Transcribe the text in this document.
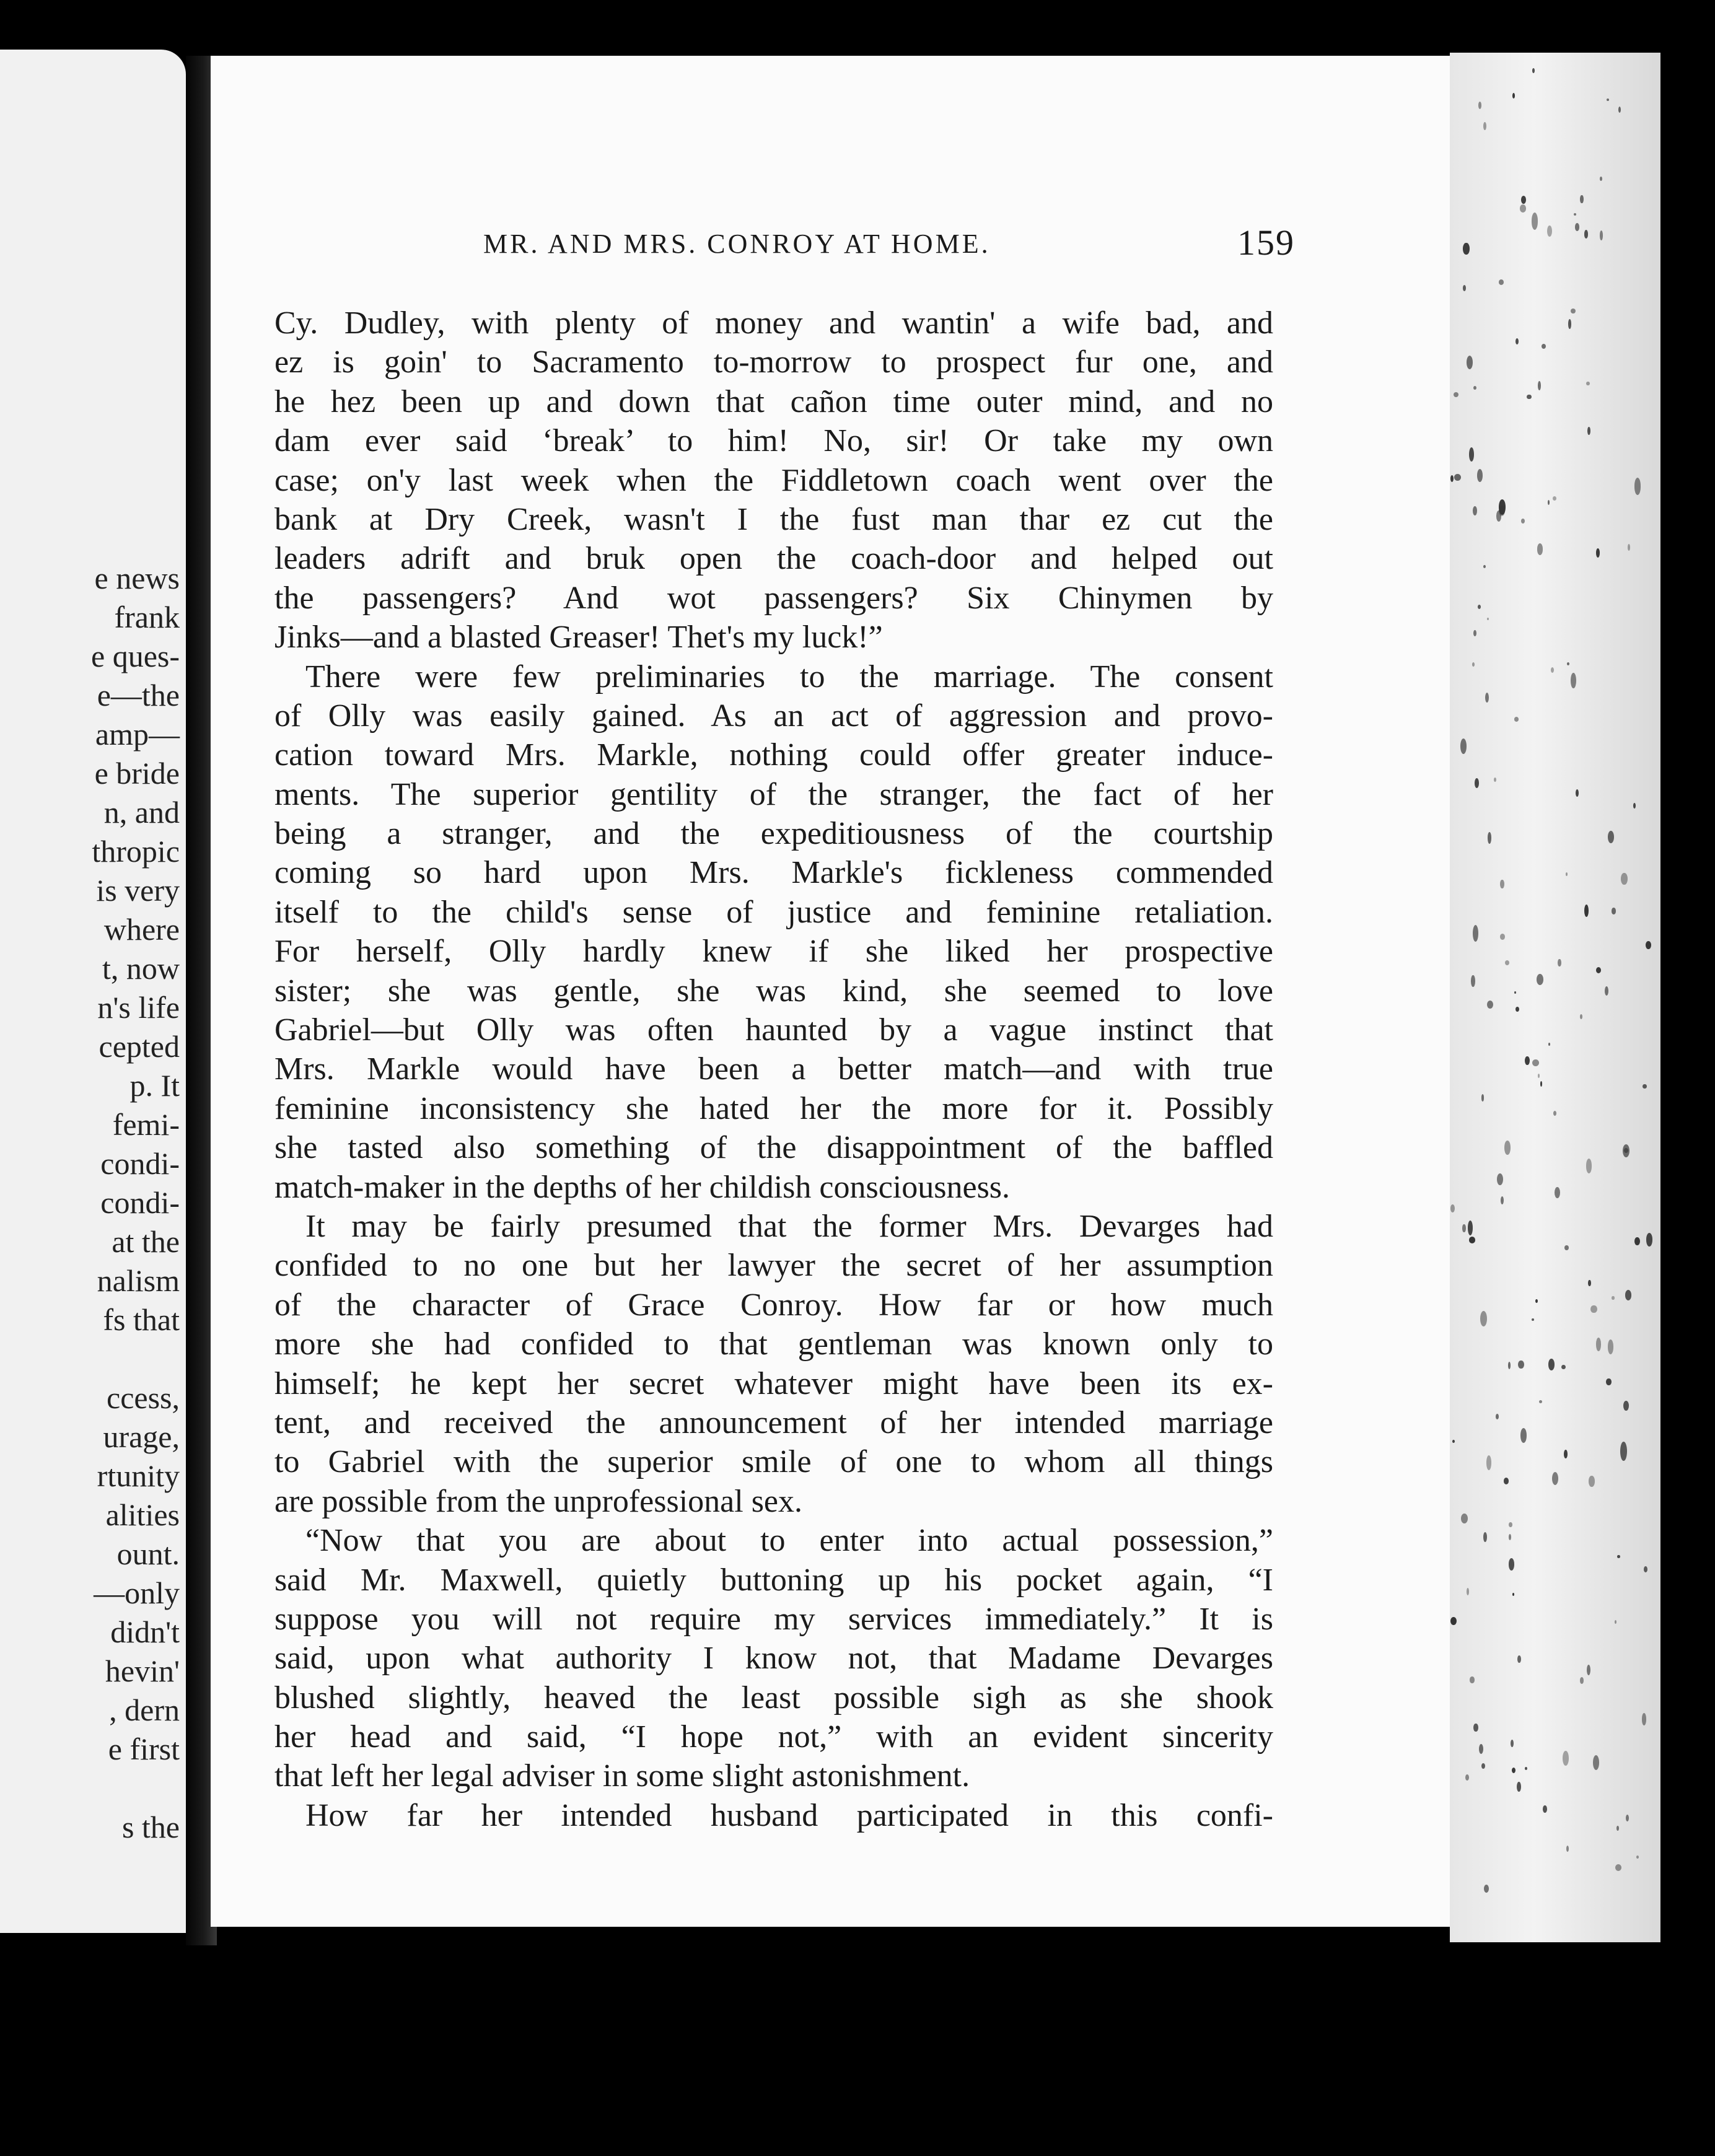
e news
frank
e ques-
e—the
amp—
e bride
n, and
thropic
is very
where
t, now
n's life
cepted
p. It
femi-
condi-
condi-
at the
nalism
fs that
ccess,
urage,
rtunity
alities
ount.
—only
didn't
hevin'
, dern
e first
s the
MR. AND MRS. CONROY AT HOME.	159
Cy. Dudley, with plenty of money and wantin' a wife bad, and
ez is goin' to Sacramento to-morrow to prospect fur one, and
he hez been up and down that cañon time outer mind, and no
dam ever said ‘break’ to him! No, sir! Or take my own
case; on'y last week when the Fiddletown coach went over the
bank at Dry Creek, wasn't I the fust man thar ez cut the
leaders adrift and bruk open the coach-door and helped out
the passengers? And wot passengers? Six Chinymen by
Jinks—and a blasted Greaser! Thet's my luck!”
There were few preliminaries to the marriage. The consent
of Olly was easily gained. As an act of aggression and provo-
cation toward Mrs. Markle, nothing could offer greater induce-
ments. The superior gentility of the stranger, the fact of her
being a stranger, and the expeditiousness of the courtship
coming so hard upon Mrs. Markle's fickleness commended
itself to the child's sense of justice and feminine retaliation.
For herself, Olly hardly knew if she liked her prospective
sister; she was gentle, she was kind, she seemed to love
Gabriel—but Olly was often haunted by a vague instinct that
Mrs. Markle would have been a better match—and with true
feminine inconsistency she hated her the more for it. Possibly
she tasted also something of the disappointment of the baffled
match-maker in the depths of her childish consciousness.
It may be fairly presumed that the former Mrs. Devarges had
confided to no one but her lawyer the secret of her assumption
of the character of Grace Conroy. How far or how much
more she had confided to that gentleman was known only to
himself; he kept her secret whatever might have been its ex-
tent, and received the announcement of her intended marriage
to Gabriel with the superior smile of one to whom all things
are possible from the unprofessional sex.
“Now that you are about to enter into actual possession,”
said Mr. Maxwell, quietly buttoning up his pocket again, “I
suppose you will not require my services immediately.” It is
said, upon what authority I know not, that Madame Devarges
blushed slightly, heaved the least possible sigh as she shook
her head and said, “I hope not,” with an evident sincerity
that left her legal adviser in some slight astonishment.
How far her intended husband participated in this confi-
